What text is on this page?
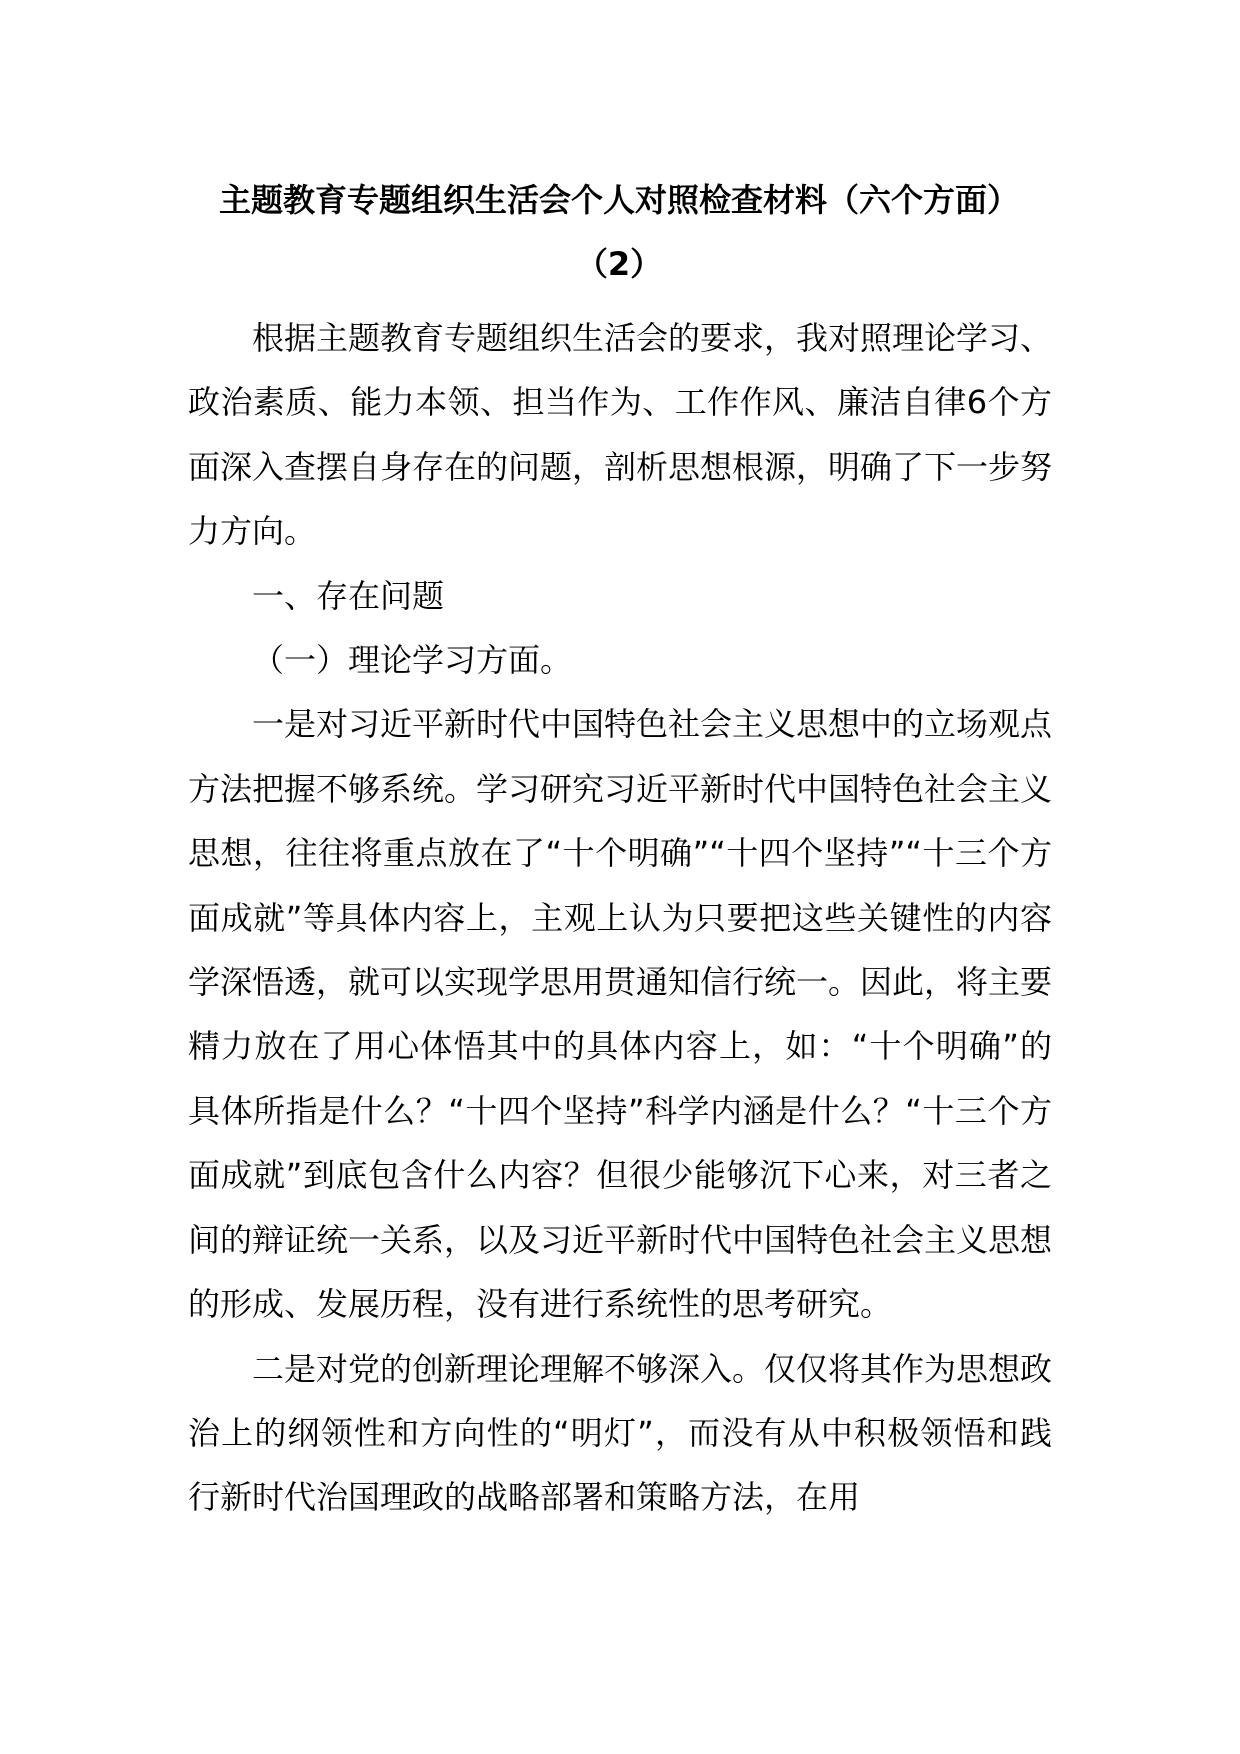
主题教育专题组织生活会个人对照检查材料（六个方面）
（2）

根据主题教育专题组织生活会的要求，我对照理论学习、政治素质、能力本领、担当作为、工作作风、廉洁自律6个方面深入查摆自身存在的问题，剖析思想根源，明确了下一步努力方向。

一、存在问题

（一）理论学习方面。

一是对习近平新时代中国特色社会主义思想中的立场观点方法把握不够系统。学习研究习近平新时代中国特色社会主义思想，往往将重点放在了“十个明确”“十四个坚持”“十三个方面成就”等具体内容上，主观上认为只要把这些关键性的内容学深悟透，就可以实现学思用贯通知信行统一。因此，将主要精力放在了用心体悟其中的具体内容上，如：“十个明确”的具体所指是什么？“十四个坚持”科学内涵是什么？“十三个方面成就”到底包含什么内容？但很少能够沉下心来，对三者之间的辩证统一关系，以及习近平新时代中国特色社会主义思想的形成、发展历程，没有进行系统性的思考研究。

二是对党的创新理论理解不够深入。仅仅将其作为思想政治上的纲领性和方向性的“明灯”，而没有从中积极领悟和践行新时代治国理政的战略部署和策略方法，在用
